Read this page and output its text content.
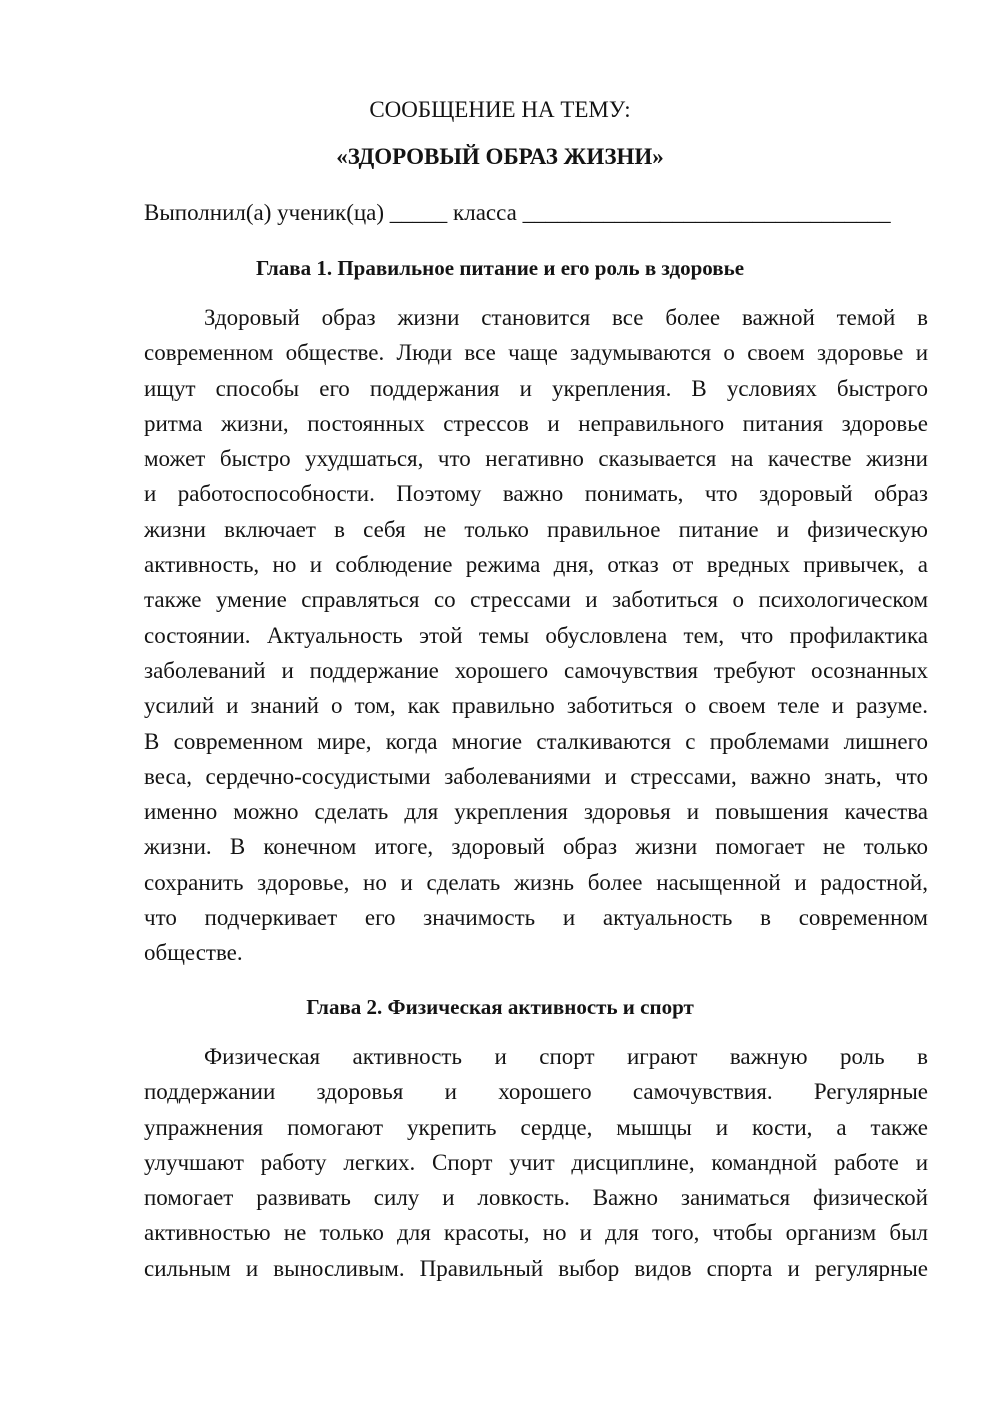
СООБЩЕНИЕ НА ТЕМУ:

«ЗДОРОВЫЙ ОБРАЗ ЖИЗНИ»

Выполнил(а) ученик(ца) _____ класса ________________________________

Глава 1. Правильное питание и его роль в здоровье
Здоровый образ жизни становится все более важной темой в
современном обществе. Люди все чаще задумываются о своем здоровье и
ищут способы его поддержания и укрепления. В условиях быстрого
ритма жизни, постоянных стрессов и неправильного питания здоровье
может быстро ухудшаться, что негативно сказывается на качестве жизни
и работоспособности. Поэтому важно понимать, что здоровый образ
жизни включает в себя не только правильное питание и физическую
активность, но и соблюдение режима дня, отказ от вредных привычек, а
также умение справляться со стрессами и заботиться о психологическом
состоянии. Актуальность этой темы обусловлена тем, что профилактика
заболеваний и поддержание хорошего самочувствия требуют осознанных
усилий и знаний о том, как правильно заботиться о своем теле и разуме.
В современном мире, когда многие сталкиваются с проблемами лишнего
веса, сердечно-сосудистыми заболеваниями и стрессами, важно знать, что
именно можно сделать для укрепления здоровья и повышения качества
жизни. В конечном итоге, здоровый образ жизни помогает не только
сохранить здоровье, но и сделать жизнь более насыщенной и радостной,
что подчеркивает его значимость и актуальность в современном
обществе.
Глава 2. Физическая активность и спорт
Физическая активность и спорт играют важную роль в
поддержании здоровья и хорошего самочувствия. Регулярные
упражнения помогают укрепить сердце, мышцы и кости, а также
улучшают работу легких. Спорт учит дисциплине, командной работе и
помогает развивать силу и ловкость. Важно заниматься физической
активностью не только для красоты, но и для того, чтобы организм был
сильным и выносливым. Правильный выбор видов спорта и регулярные
